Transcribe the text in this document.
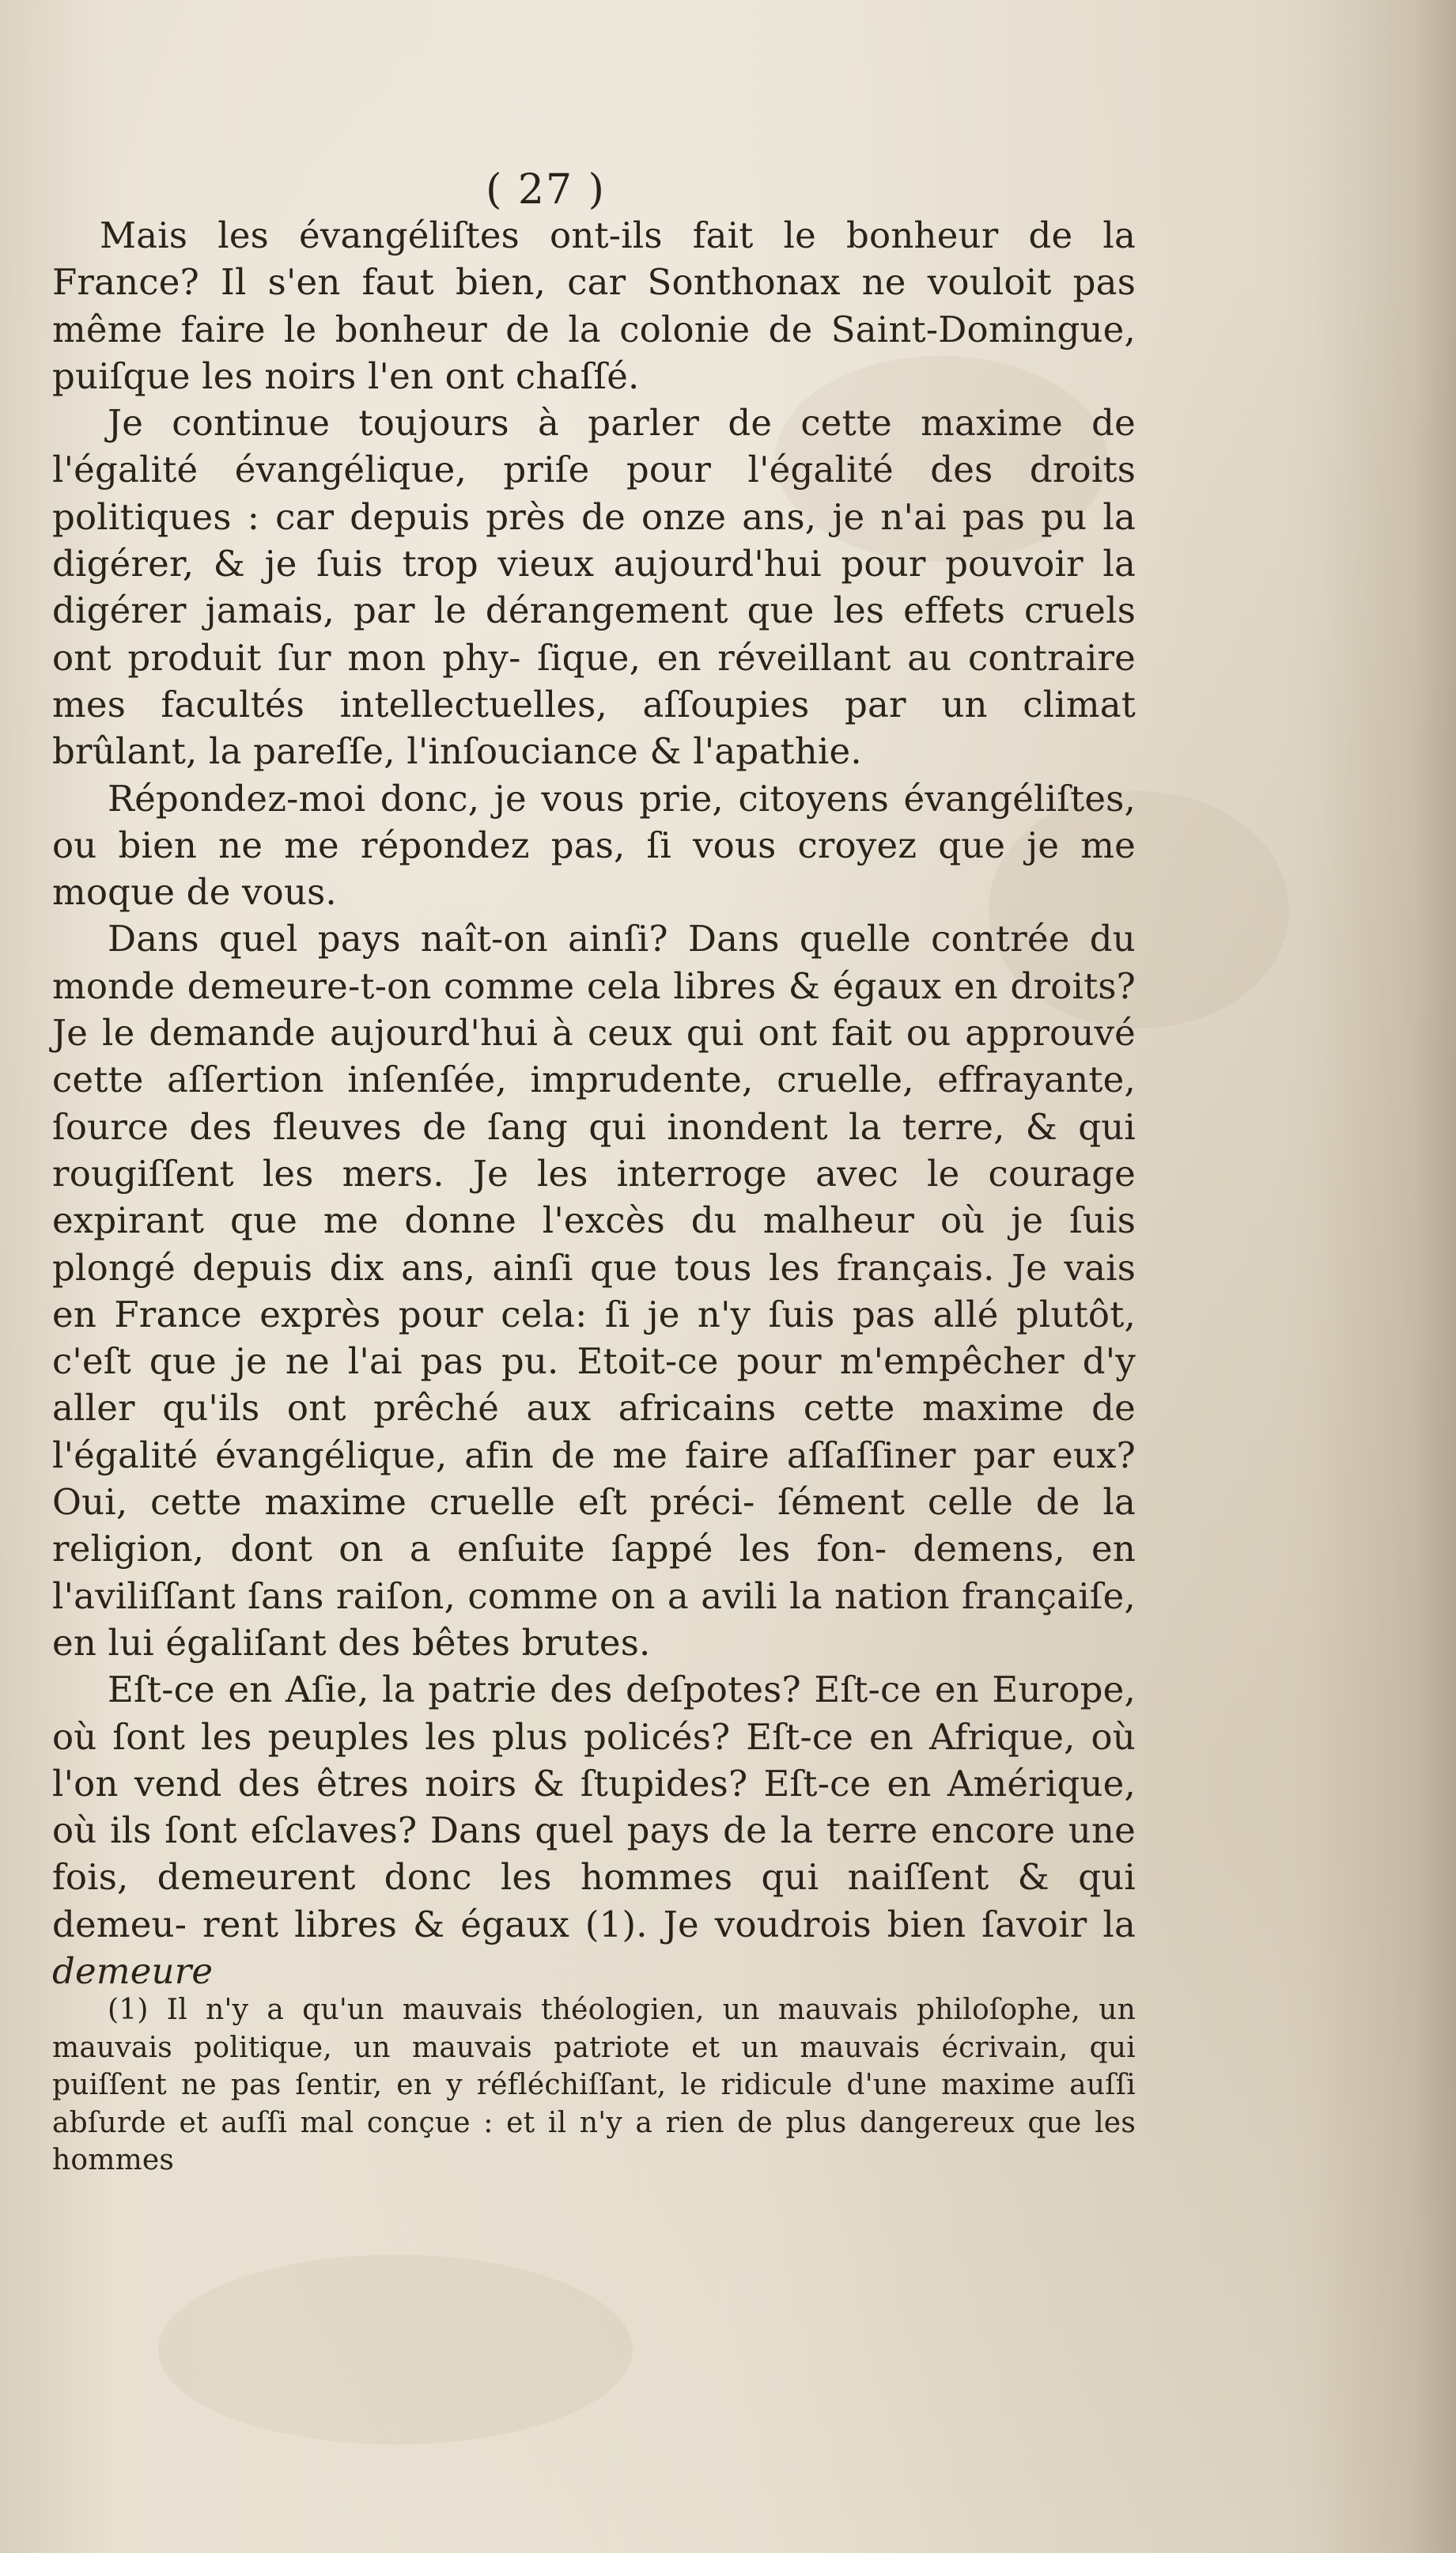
( 27 )

Mais les évangéliſtes ont-ils fait le bonheur de la France? Il s'en faut bien, car Sonthonax ne vouloit pas même faire le bonheur de la colonie de Saint-Domingue, puiſque les noirs l'en ont chaſſé.

Je continue toujours à parler de cette maxime de l'égalité évangélique, priſe pour l'égalité des droits politiques : car depuis près de onze ans, je n'ai pas pu la digérer, & je ſuis trop vieux aujourd'hui pour pouvoir la digérer jamais, par le dérangement que les effets cruels ont produit ſur mon phy- ſique, en réveillant au contraire mes facultés intellectuelles, aſſoupies par un climat brûlant, la pareſſe, l'inſouciance & l'apathie.

Répondez-moi donc, je vous prie, citoyens évangéliſtes, ou bien ne me répondez pas, ſi vous croyez que je me moque de vous.

Dans quel pays naît-on ainſi? Dans quelle contrée du monde demeure-t-on comme cela libres & égaux en droits? Je le demande aujourd'hui à ceux qui ont fait ou approuvé cette aſſertion inſenſée, imprudente, cruelle, effrayante, ſource des fleuves de ſang qui inondent la terre, & qui rougiſſent les mers. Je les interroge avec le courage expirant que me donne l'excès du malheur où je ſuis plongé depuis dix ans, ainſi que tous les français. Je vais en France exprès pour cela: ſi je n'y ſuis pas allé plutôt, c'eſt que je ne l'ai pas pu. Etoit-ce pour m'empêcher d'y aller qu'ils ont prêché aux africains cette maxime de l'égalité évangélique, afin de me faire aſſaſſiner par eux? Oui, cette maxime cruelle eſt préci- ſément celle de la religion, dont on a enſuite ſappé les fon- demens, en l'aviliſſant ſans raiſon, comme on a avili la nation françaiſe, en lui égaliſant des bêtes brutes.

Eſt-ce en Aſie, la patrie des deſpotes? Eſt-ce en Europe, où ſont les peuples les plus policés? Eſt-ce en Afrique, où l'on vend des êtres noirs & ſtupides? Eſt-ce en Amérique, où ils ſont eſclaves? Dans quel pays de la terre encore une fois, demeurent donc les hommes qui naiſſent & qui demeu- rent libres & égaux (1). Je voudrois bien ſavoir la demeure

(1) Il n'y a qu'un mauvais théologien, un mauvais philoſophe, un mauvais politique, un mauvais patriote et un mauvais écrivain, qui puiſſent ne pas ſentir, en y réfléchiſſant, le ridicule d'une maxime auſſi abſurde et auſſi mal conçue : et il n'y a rien de plus dangereux que les hommes
